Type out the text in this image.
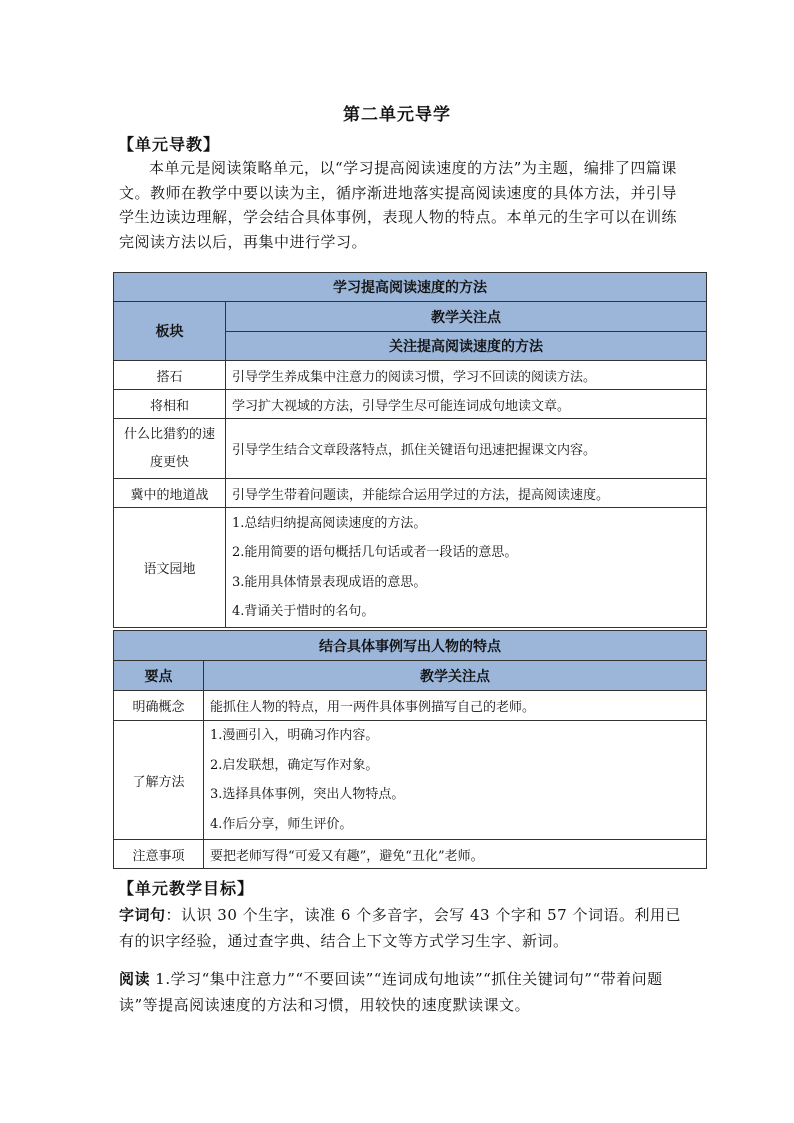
第二单元导学
【单元导教】
本单元是阅读策略单元，以“学习提高阅读速度的方法”为主题，编排了四篇课文。教师在教学中要以读为主，循序渐进地落实提高阅读速度的具体方法，并引导学生边读边理解，学会结合具体事例，表现人物的特点。本单元的生字可以在训练完阅读方法以后，再集中进行学习。
学习提高阅读速度的方法	
板块	教学关注点
	关注提高阅读速度的方法
搭石	引导学生养成集中注意力的阅读习惯，学习不回读的阅读方法。
将相和	学习扩大视域的方法，引导学生尽可能连词成句地读文章。
什么比猎豹的速度更快	引导学生结合文章段落特点，抓住关键语句迅速把握课文内容。
冀中的地道战	引导学生带着问题读，并能综合运用学过的方法，提高阅读速度。
语文园地	1.总结归纳提高阅读速度的方法。
2.能用简要的语句概括几句话或者一段话的意思。
3.能用具体情景表现成语的意思。
4.背诵关于惜时的名句。
结合具体事例写出人物的特点	
要点	教学关注点
明确概念	能抓住人物的特点，用一两件具体事例描写自己的老师。
了解方法	1.漫画引入，明确习作内容。
2.启发联想，确定写作对象。
3.选择具体事例，突出人物特点。
4.作后分享，师生评价。

注意事项	要把老师写得“可爱又有趣”，避免“丑化”老师。
【单元教学目标】
字词句：认识 30 个生字，读准 6 个多音字，会写 43 个字和 57 个词语。利用已有的识字经验，通过查字典、结合上下文等方式学习生字、新词。
阅读 1.学习“集中注意力”“不要回读”“连词成句地读”“抓住关键词句”“带着问题读”等提高阅读速度的方法和习惯，用较快的速度默读课文。
